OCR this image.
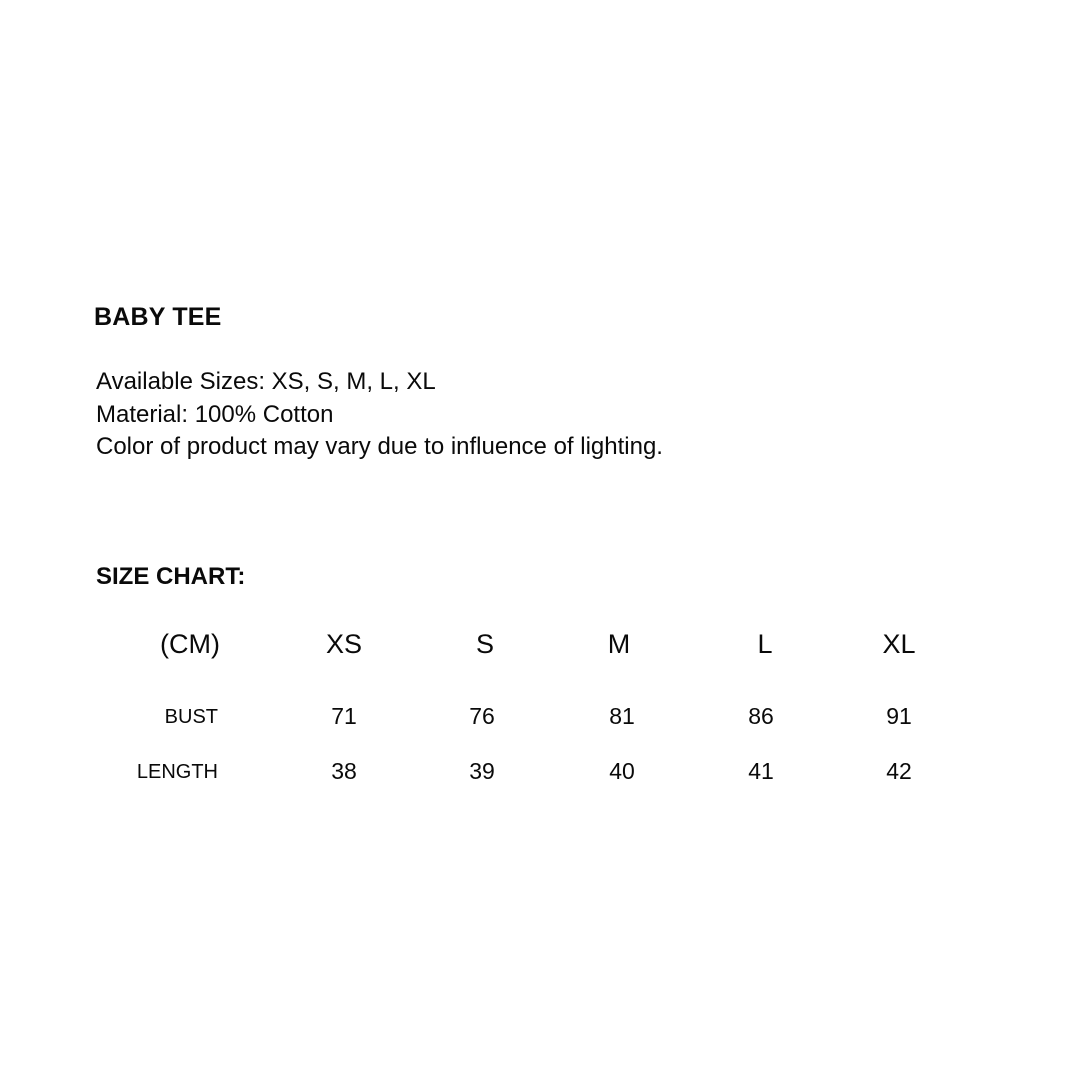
BABY TEE
Available Sizes: XS, S, M, L, XL
Material: 100% Cotton
Color of product may vary due to influence of lighting.
SIZE CHART:
(CM)	XS	S	M	L	XL
BUST	71	76	81	86	91
LENGTH	38	39	40	41	42
